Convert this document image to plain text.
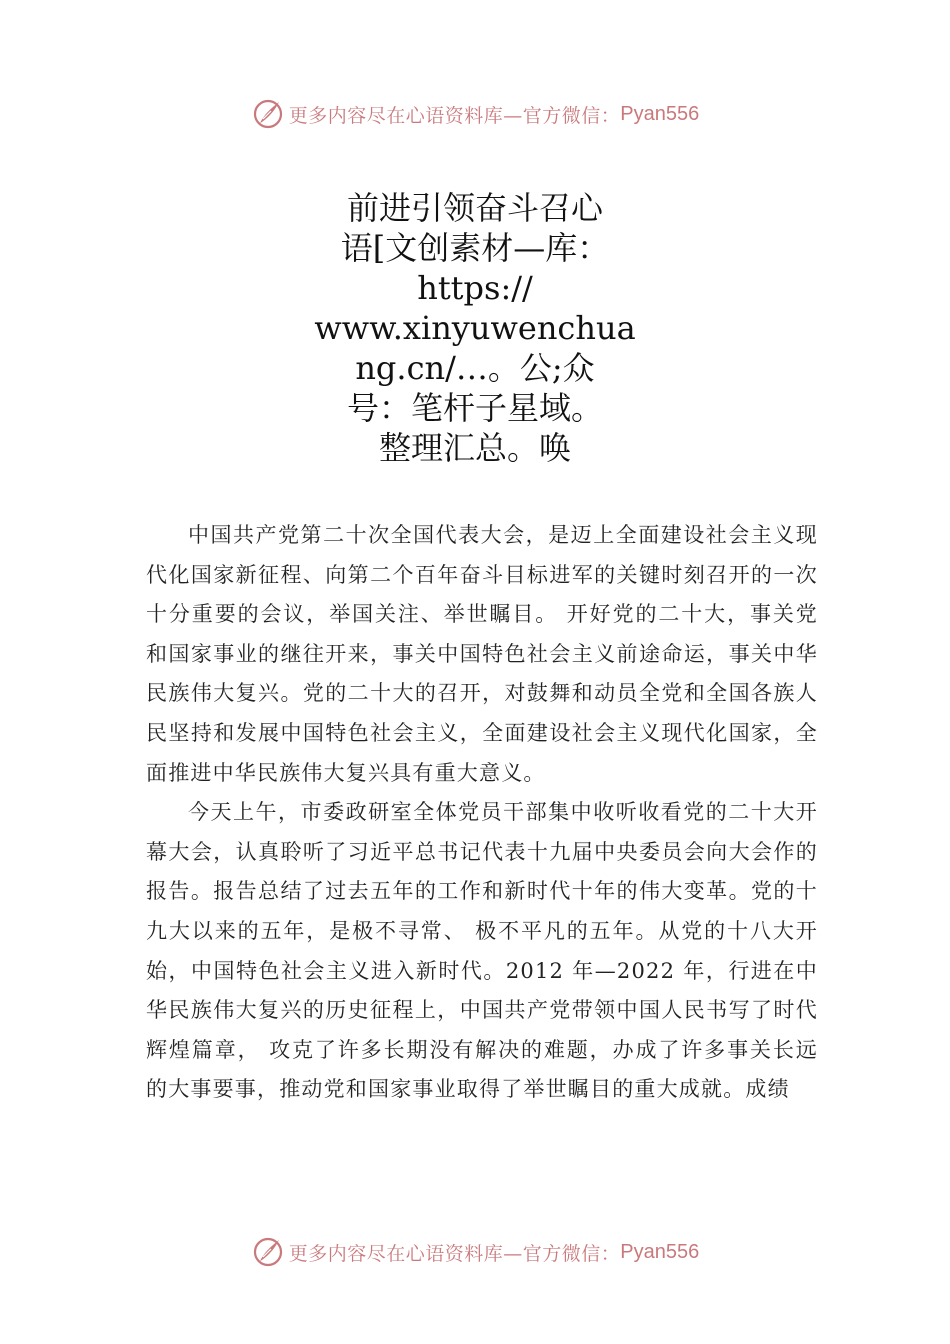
更多内容尽在心语资料库—官方微信： Pyan556
前进引领奋斗召心
语[文创素材—库：
https://
www.xinyuwenchua
ng.cn/…。公;众
号：笔杆子星域。
整理汇总。唤

中国共产党第二十次全国代表大会，是迈上全面建设社会主义现代化国家新征程、向第二个百年奋斗目标进军的关键时刻召开的一次十分重要的会议，举国关注、举世瞩目。 开好党的二十大，事关党和国家事业的继往开来，事关中国特色社会主义前途命运，事关中华民族伟大复兴。党的二十大的召开，对鼓舞和动员全党和全国各族人民坚持和发展中国特色社会主义，全面建设社会主义现代化国家，全面推进中华民族伟大复兴具有重大意义。

今天上午，市委政研室全体党员干部集中收听收看党的二十大开幕大会，认真聆听了习近平总书记代表十九届中央委员会向大会作的报告。报告总结了过去五年的工作和新时代十年的伟大变革。党的十九大以来的五年，是极不寻常、 极不平凡的五年。从党的十八大开始，中国特色社会主义进入新时代。2012 年—2022 年，行进在中华民族伟大复兴的历史征程上，中国共产党带领中国人民书写了时代辉煌篇章， 攻克了许多长期没有解决的难题，办成了许多事关长远的大事要事，推动党和国家事业取得了举世瞩目的重大成就。成绩

更多内容尽在心语资料库—官方微信： Pyan556
